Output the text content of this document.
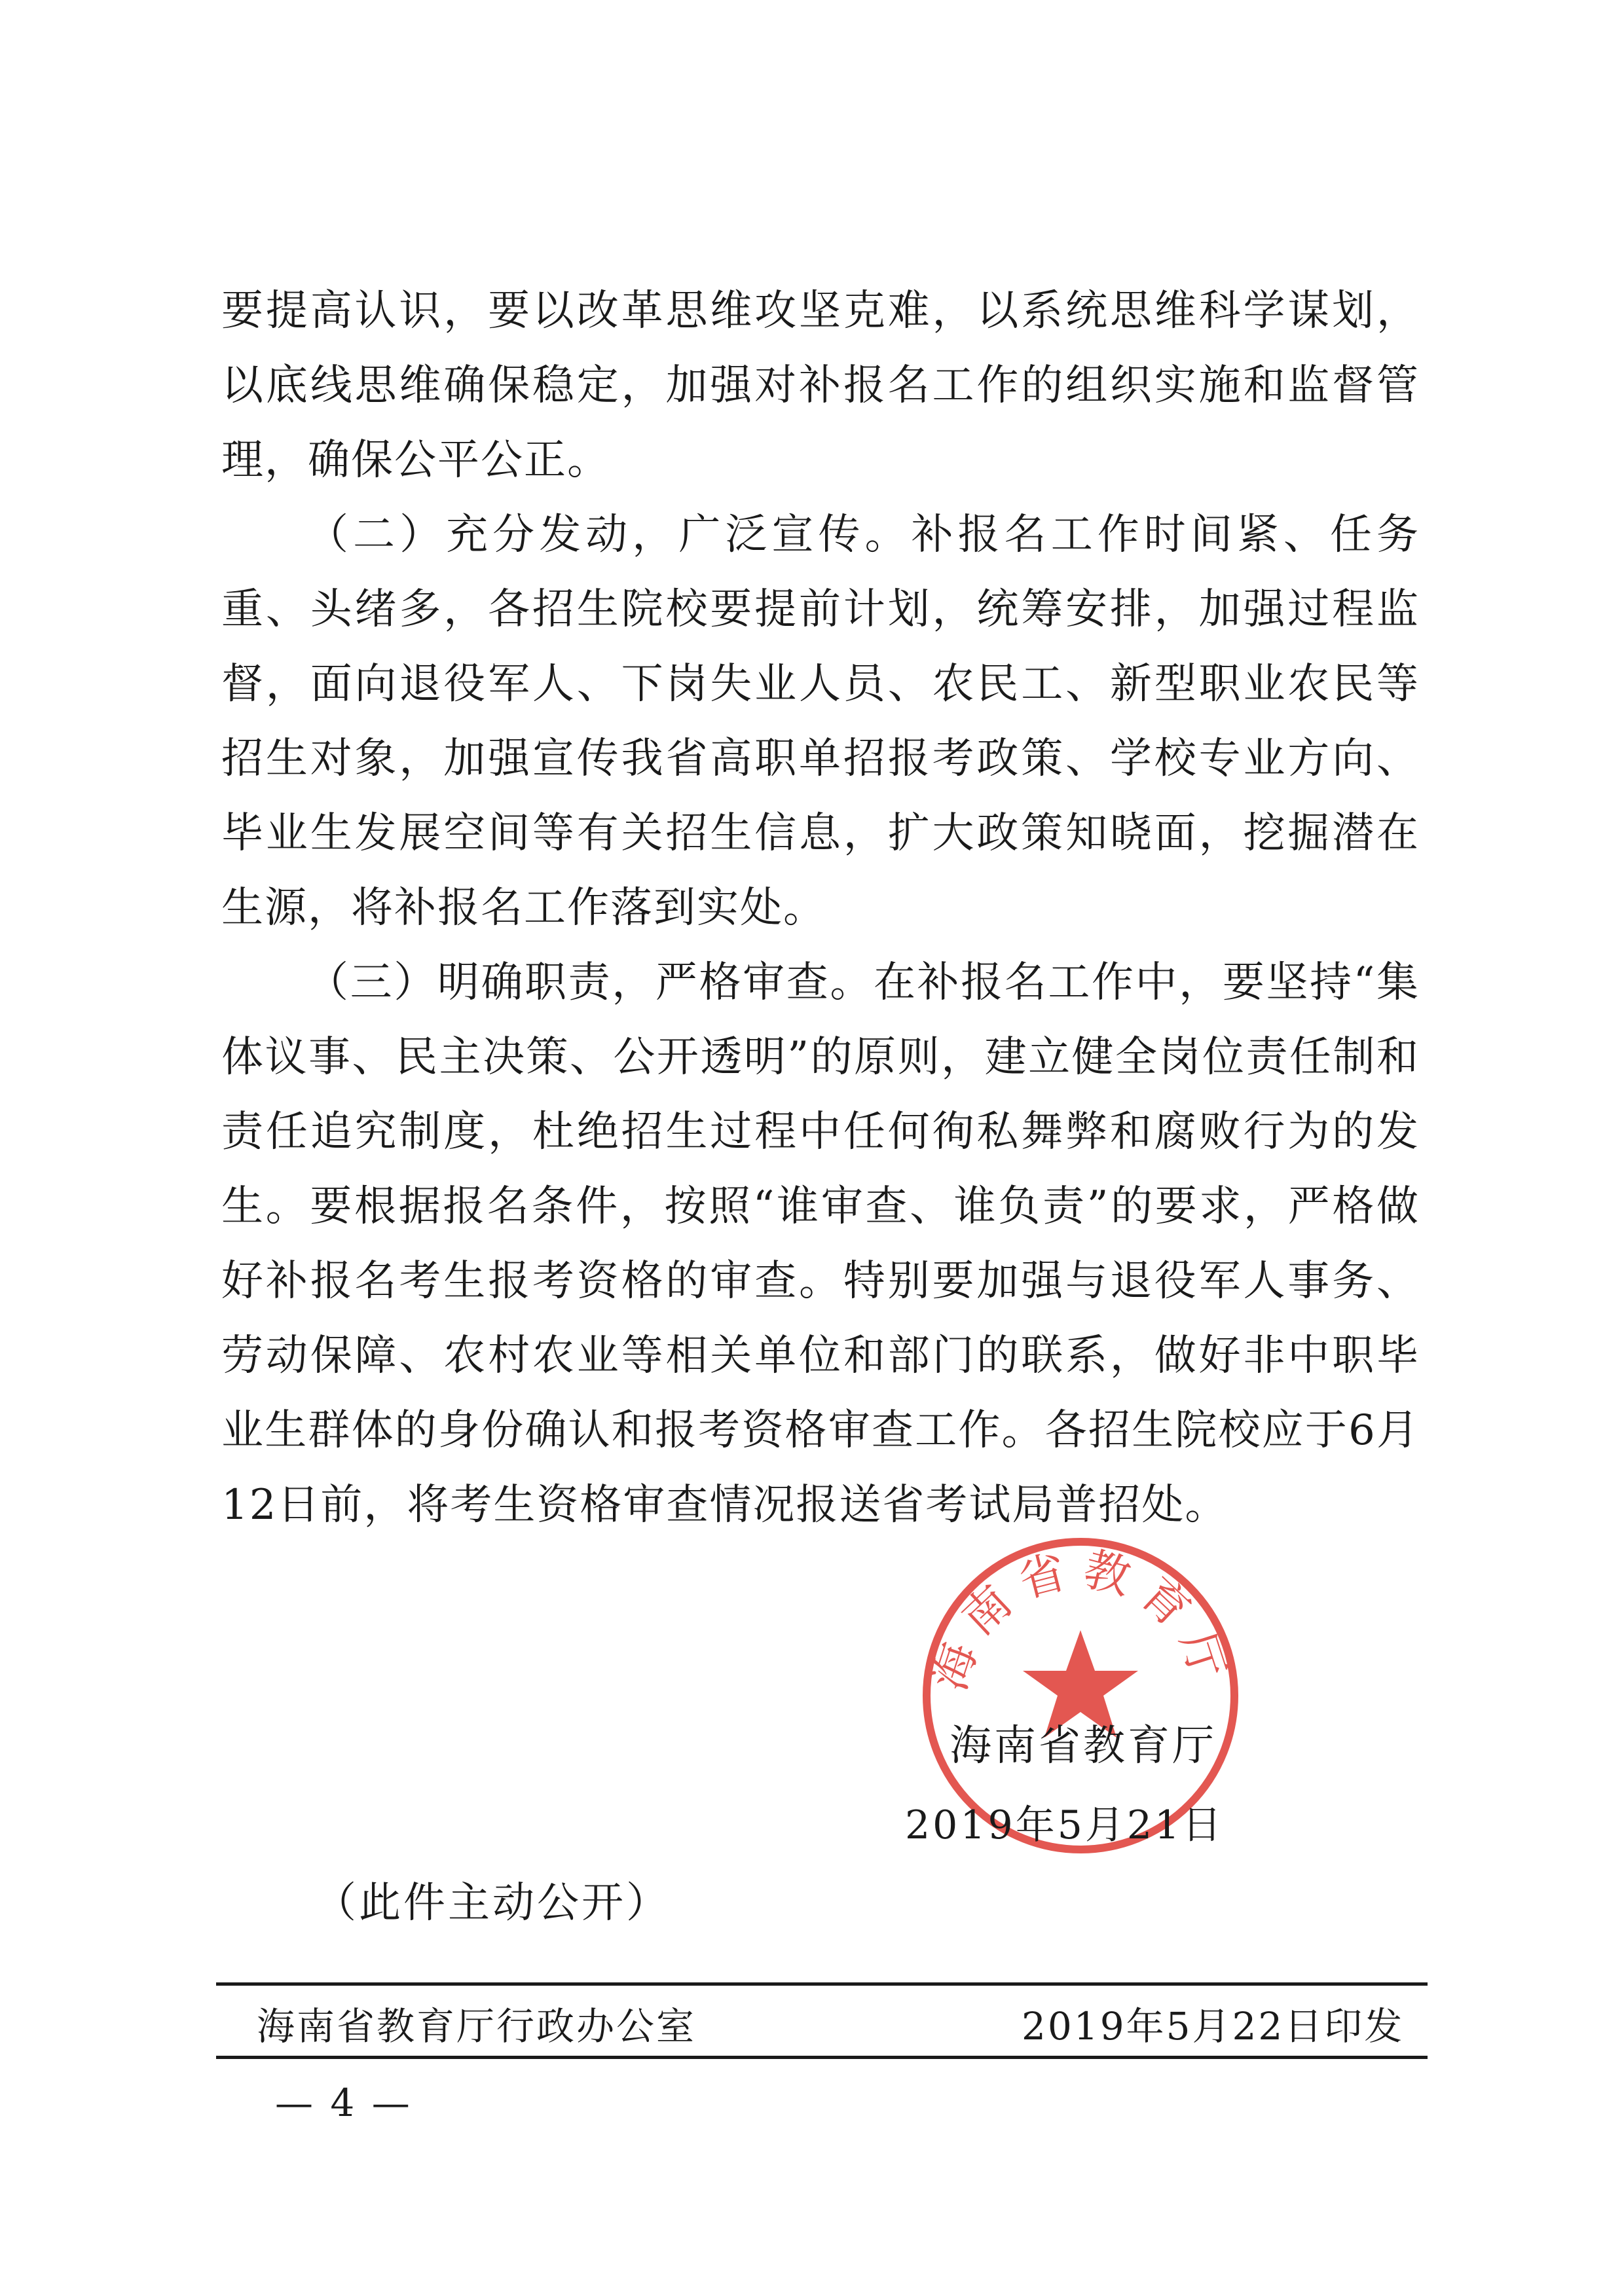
要提高认识，要以改革思维攻坚克难，以系统思维科学谋划，以底线思维确保稳定，加强对补报名工作的组织实施和监督管理，确保公平公正。

（二）充分发动，广泛宣传。补报名工作时间紧、任务重、头绪多，各招生院校要提前计划，统筹安排，加强过程监督，面向退役军人、下岗失业人员、农民工、新型职业农民等招生对象，加强宣传我省高职单招报考政策、学校专业方向、毕业生发展空间等有关招生信息，扩大政策知晓面，挖掘潜在生源，将补报名工作落到实处。

（三）明确职责，严格审查。在补报名工作中，要坚持“集体议事、民主决策、公开透明”的原则，建立健全岗位责任制和责任追究制度，杜绝招生过程中任何徇私舞弊和腐败行为的发生。要根据报名条件，按照“谁审查、谁负责”的要求，严格做好补报名考生报考资格的审查。特别要加强与退役军人事务、劳动保障、农村农业等相关单位和部门的联系，做好非中职毕业生群体的身份确认和报考资格审查工作。各招生院校应于6月12日前，将考生资格审查情况报送省考试局普招处。

海南省教育厅
海南省教育厅
2019年5月21日
（此件主动公开）
海南省教育厅行政办公室	2019年5月22日印发
— 4 —
